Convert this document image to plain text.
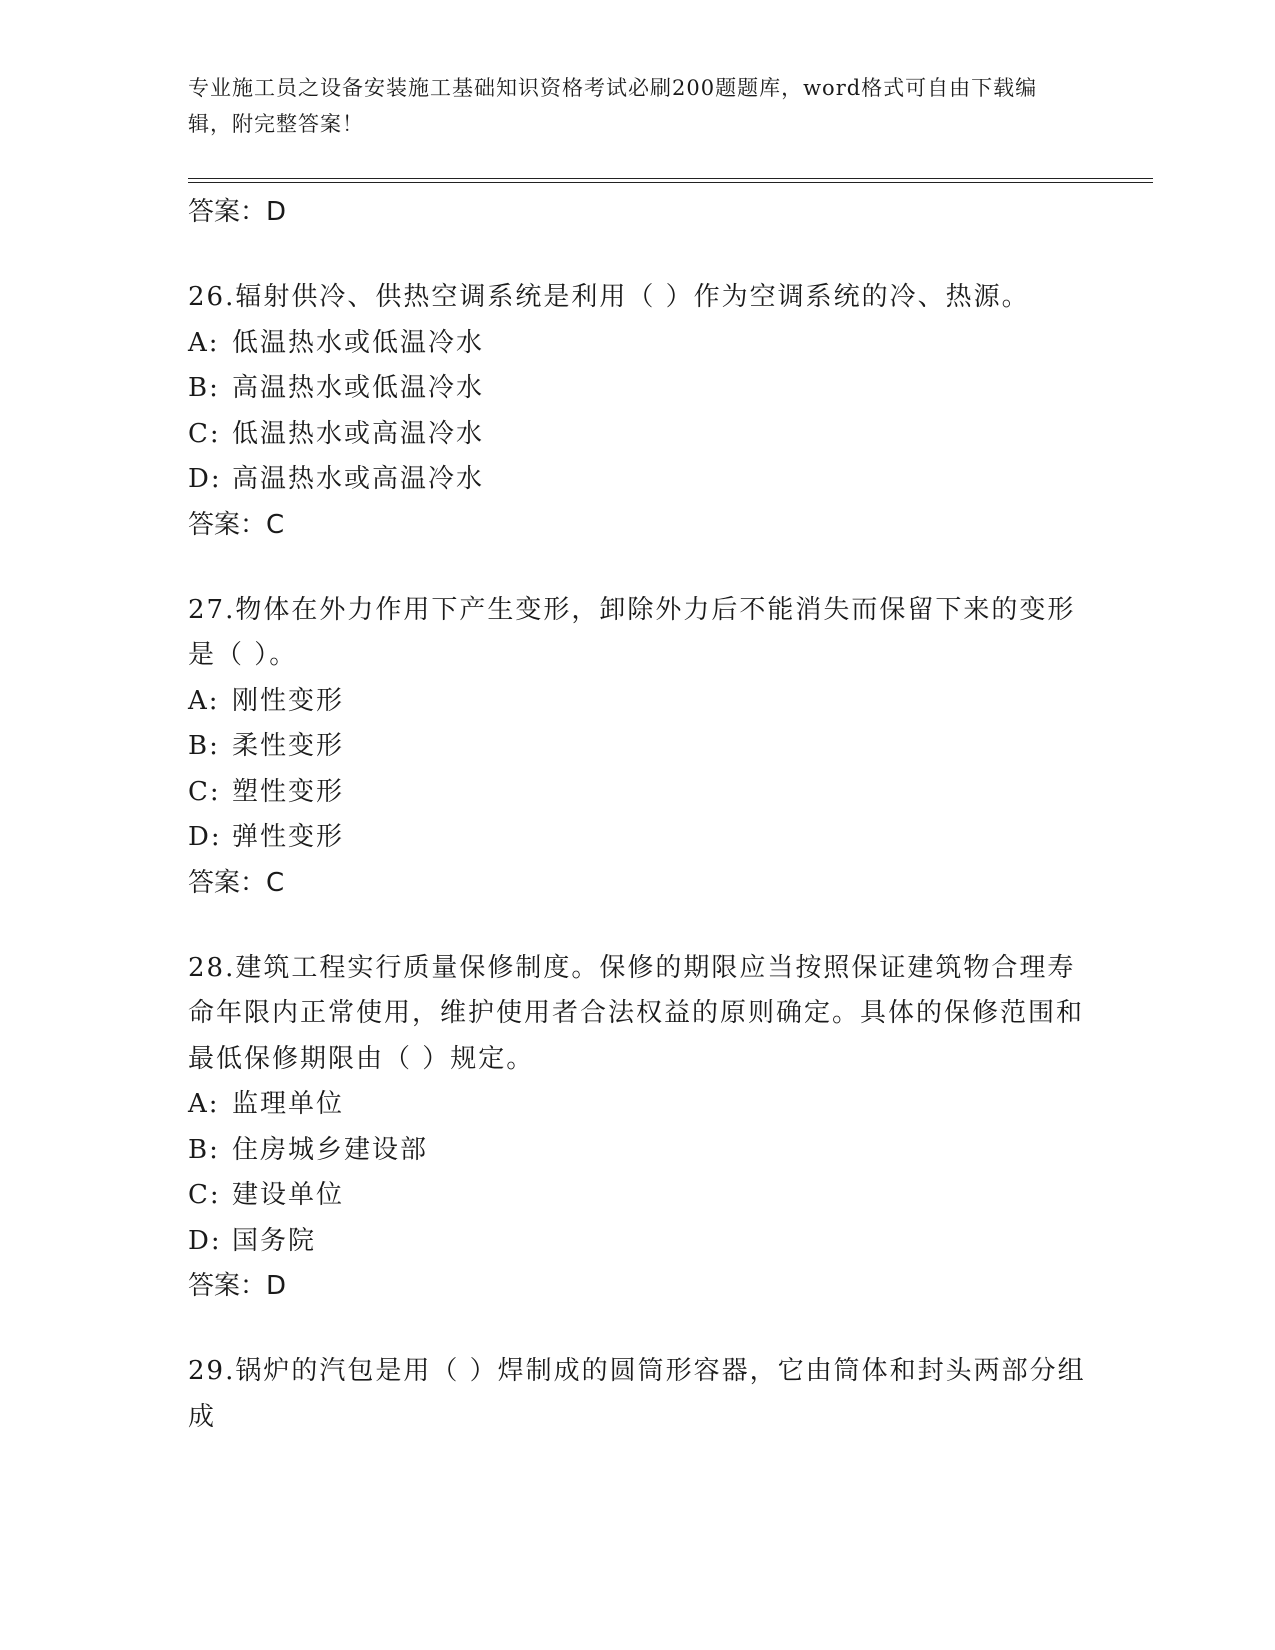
专业施工员之设备安装施工基础知识资格考试必刷200题题库，word格式可自由下载编辑，附完整答案！

答案：D

26.辐射供冷、供热空调系统是利用（ ）作为空调系统的冷、热源。

A: 低温热水或低温冷水

B: 高温热水或低温冷水

C: 低温热水或高温冷水

D: 高温热水或高温冷水

答案：C

27.物体在外力作用下产生变形，卸除外力后不能消失而保留下来的变形是（ ）。

A: 刚性变形

B: 柔性变形

C: 塑性变形

D: 弹性变形

答案：C

28.建筑工程实行质量保修制度。保修的期限应当按照保证建筑物合理寿命年限内正常使用，维护使用者合法权益的原则确定。具体的保修范围和最低保修期限由（ ）规定。

A: 监理单位

B: 住房城乡建设部

C: 建设单位

D: 国务院

答案：D

29.锅炉的汽包是用（ ）焊制成的圆筒形容器，它由筒体和封头两部分组成
